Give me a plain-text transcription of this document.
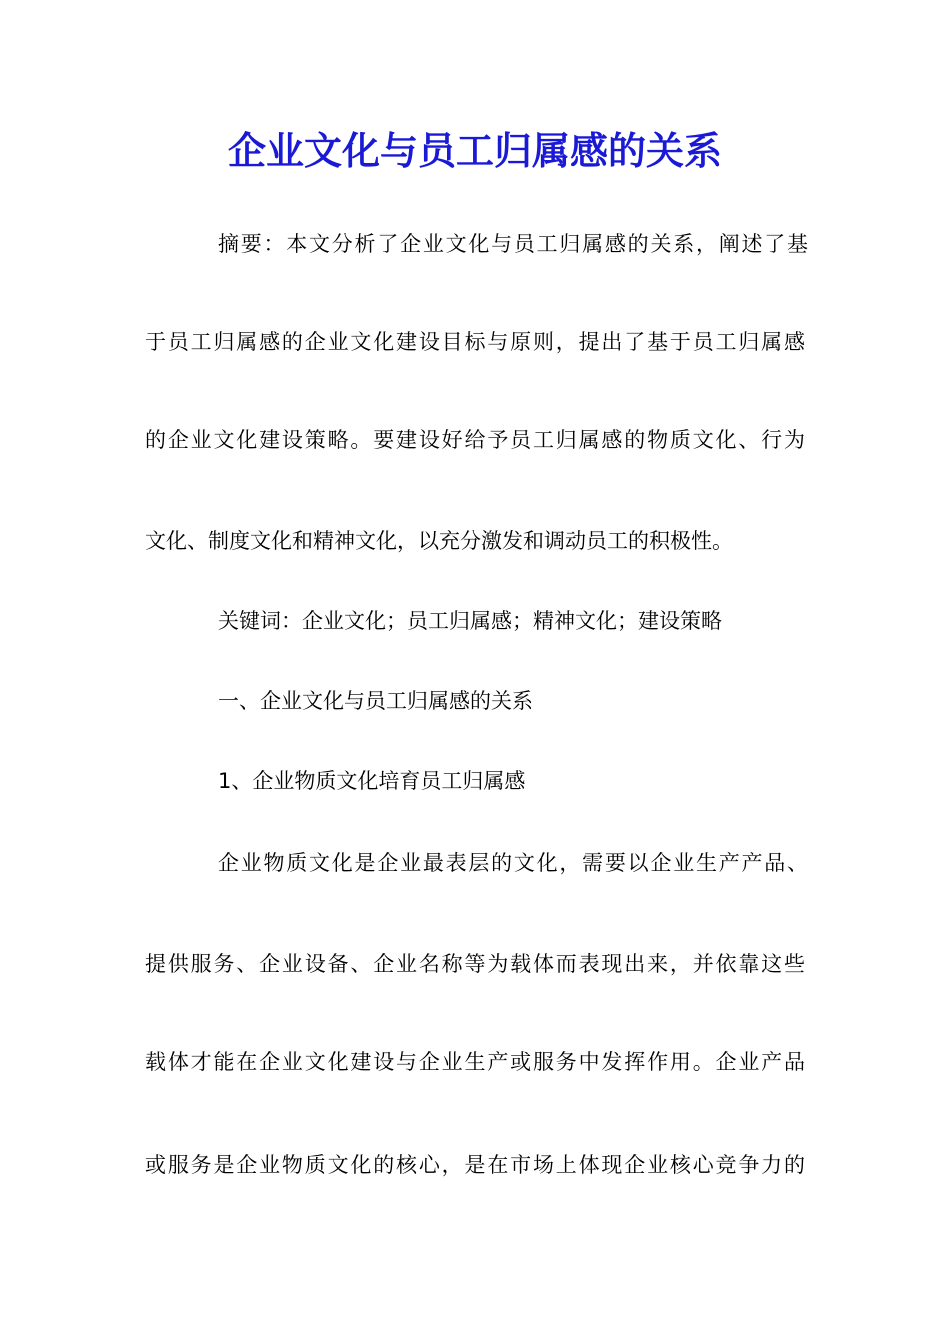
企业文化与员工归属感的关系
摘要：本文分析了企业文化与员工归属感的关系，阐述了基
于员工归属感的企业文化建设目标与原则，提出了基于员工归属感
的企业文化建设策略。要建设好给予员工归属感的物质文化、行为
文化、制度文化和精神文化，以充分激发和调动员工的积极性。
关键词：企业文化；员工归属感；精神文化；建设策略
一、企业文化与员工归属感的关系
1、企业物质文化培育员工归属感
企业物质文化是企业最表层的文化，需要以企业生产产品、
提供服务、企业设备、企业名称等为载体而表现出来，并依靠这些
载体才能在企业文化建设与企业生产或服务中发挥作用。企业产品
或服务是企业物质文化的核心，是在市场上体现企业核心竞争力的
